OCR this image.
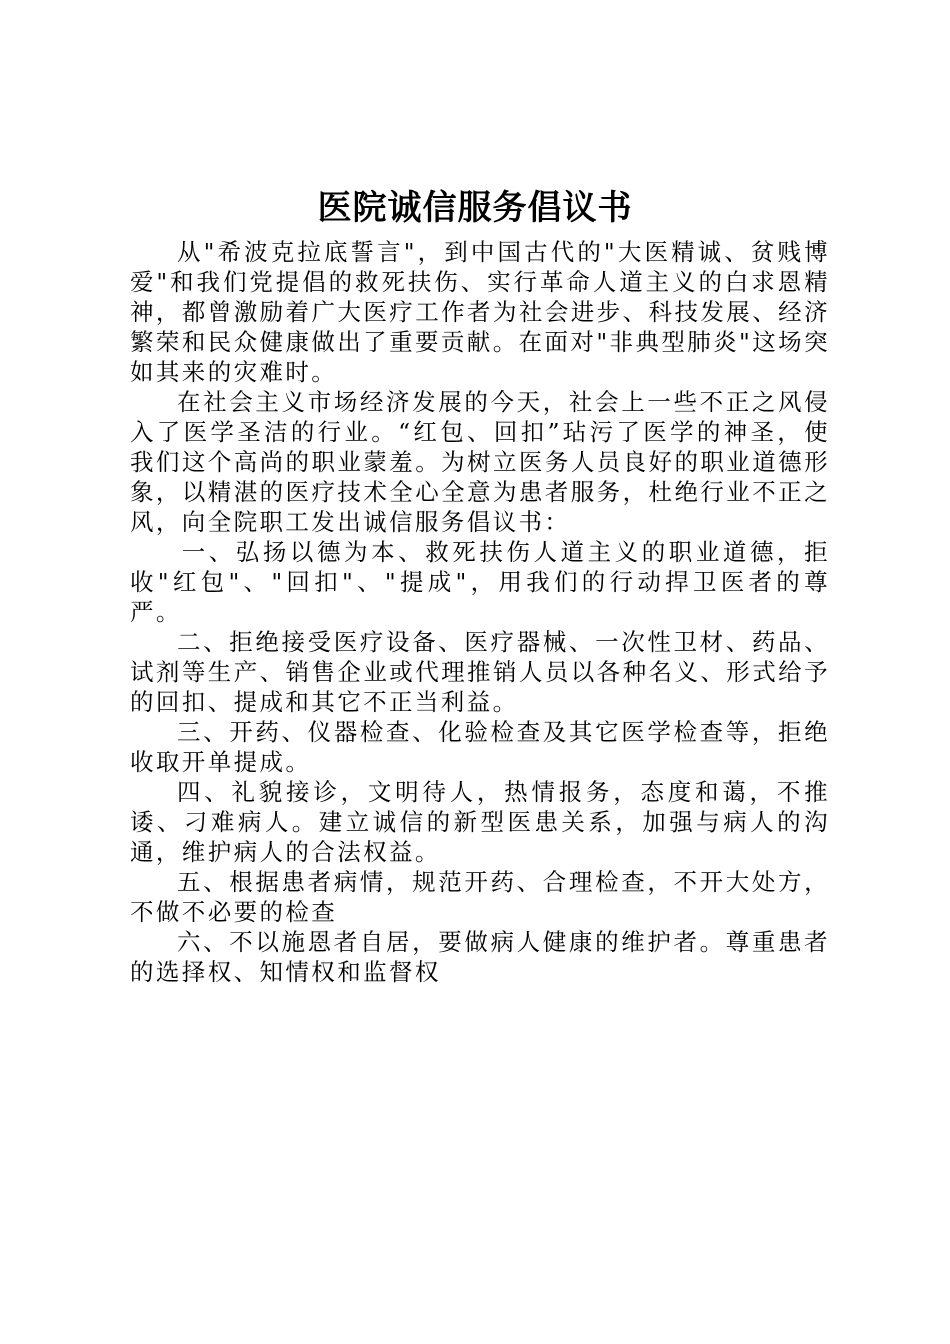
医院诚信服务倡议书

从"希波克拉底誓言"，到中国古代的"大医精诚、贫贱博爱"和我们党提倡的救死扶伤、实行革命人道主义的白求恩精神，都曾激励着广大医疗工作者为社会进步、科技发展、经济繁荣和民众健康做出了重要贡献。在面对"非典型肺炎"这场突如其来的灾难时。

在社会主义市场经济发展的今天，社会上一些不正之风侵入了医学圣洁的行业。“红包、回扣”玷污了医学的神圣，使我们这个高尚的职业蒙羞。为树立医务人员良好的职业道德形象，以精湛的医疗技术全心全意为患者服务，杜绝行业不正之风，向全院职工发出诚信服务倡议书：

一、弘扬以德为本、救死扶伤人道主义的职业道德，拒收"红包"、"回扣"、"提成"，用我们的行动捍卫医者的尊严。

二、拒绝接受医疗设备、医疗器械、一次性卫材、药品、试剂等生产、销售企业或代理推销人员以各种名义、形式给予的回扣、提成和其它不正当利益。

三、开药、仪器检查、化验检查及其它医学检查等，拒绝收取开单提成。

四、礼貌接诊，文明待人，热情报务，态度和蔼，不推诿、刁难病人。建立诚信的新型医患关系，加强与病人的沟通，维护病人的合法权益。

五、根据患者病情，规范开药、合理检查，不开大处方，不做不必要的检查

六、不以施恩者自居，要做病人健康的维护者。尊重患者的选择权、知情权和监督权
